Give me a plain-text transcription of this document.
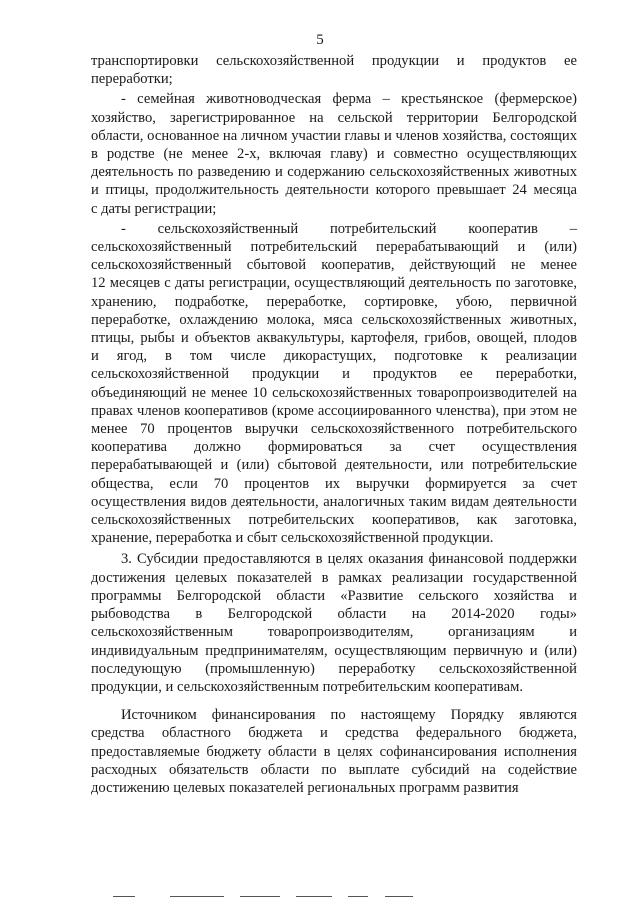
5
транспортировки сельскохозяйственной продукции и продуктов ее
переработки;
- семейная животноводческая ферма – крестьянское (фермерское)
хозяйство, зарегистрированное на сельской территории Белгородской
области, основанное на личном участии главы и членов хозяйства, состоящих
в родстве (не менее 2-х, включая главу) и совместно осуществляющих
деятельность по разведению и содержанию сельскохозяйственных животных
и птицы, продолжительность деятельности которого превышает 24 месяца
с даты регистрации;
- сельскохозяйственный потребительский кооператив –
сельскохозяйственный потребительский перерабатывающий и (или)
сельскохозяйственный сбытовой кооператив, действующий не менее
12 месяцев с даты регистрации, осуществляющий деятельность по заготовке,
хранению, подработке, переработке, сортировке, убою, первичной
переработке, охлаждению молока, мяса сельскохозяйственных животных,
птицы, рыбы и объектов аквакультуры, картофеля, грибов, овощей, плодов
и ягод, в том числе дикорастущих, подготовке к реализации
сельскохозяйственной продукции и продуктов ее переработки,
объединяющий не менее 10 сельскохозяйственных товаропроизводителей на
правах членов кооперативов (кроме ассоциированного членства), при этом не
менее 70 процентов выручки сельскохозяйственного потребительского
кооператива должно формироваться за счет осуществления
перерабатывающей и (или) сбытовой деятельности, или потребительские
общества, если 70 процентов их выручки формируется за счет
осуществления видов деятельности, аналогичных таким видам деятельности
сельскохозяйственных потребительских кооперативов, как заготовка,
хранение, переработка и сбыт сельскохозяйственной продукции.
3. Субсидии предоставляются в целях оказания финансовой поддержки
достижения целевых показателей в рамках реализации государственной
программы Белгородской области «Развитие сельского хозяйства и
рыбоводства в Белгородской области на 2014-2020 годы»
сельскохозяйственным товаропроизводителям, организациям и
индивидуальным предпринимателям, осуществляющим первичную и (или)
последующую (промышленную) переработку сельскохозяйственной
продукции, и сельскохозяйственным потребительским кооперативам.
Источником финансирования по настоящему Порядку являются
средства областного бюджета и средства федерального бюджета,
предоставляемые бюджету области в целях софинансирования исполнения
расходных обязательств области по выплате субсидий на содействие
достижению целевых показателей региональных программ развития
